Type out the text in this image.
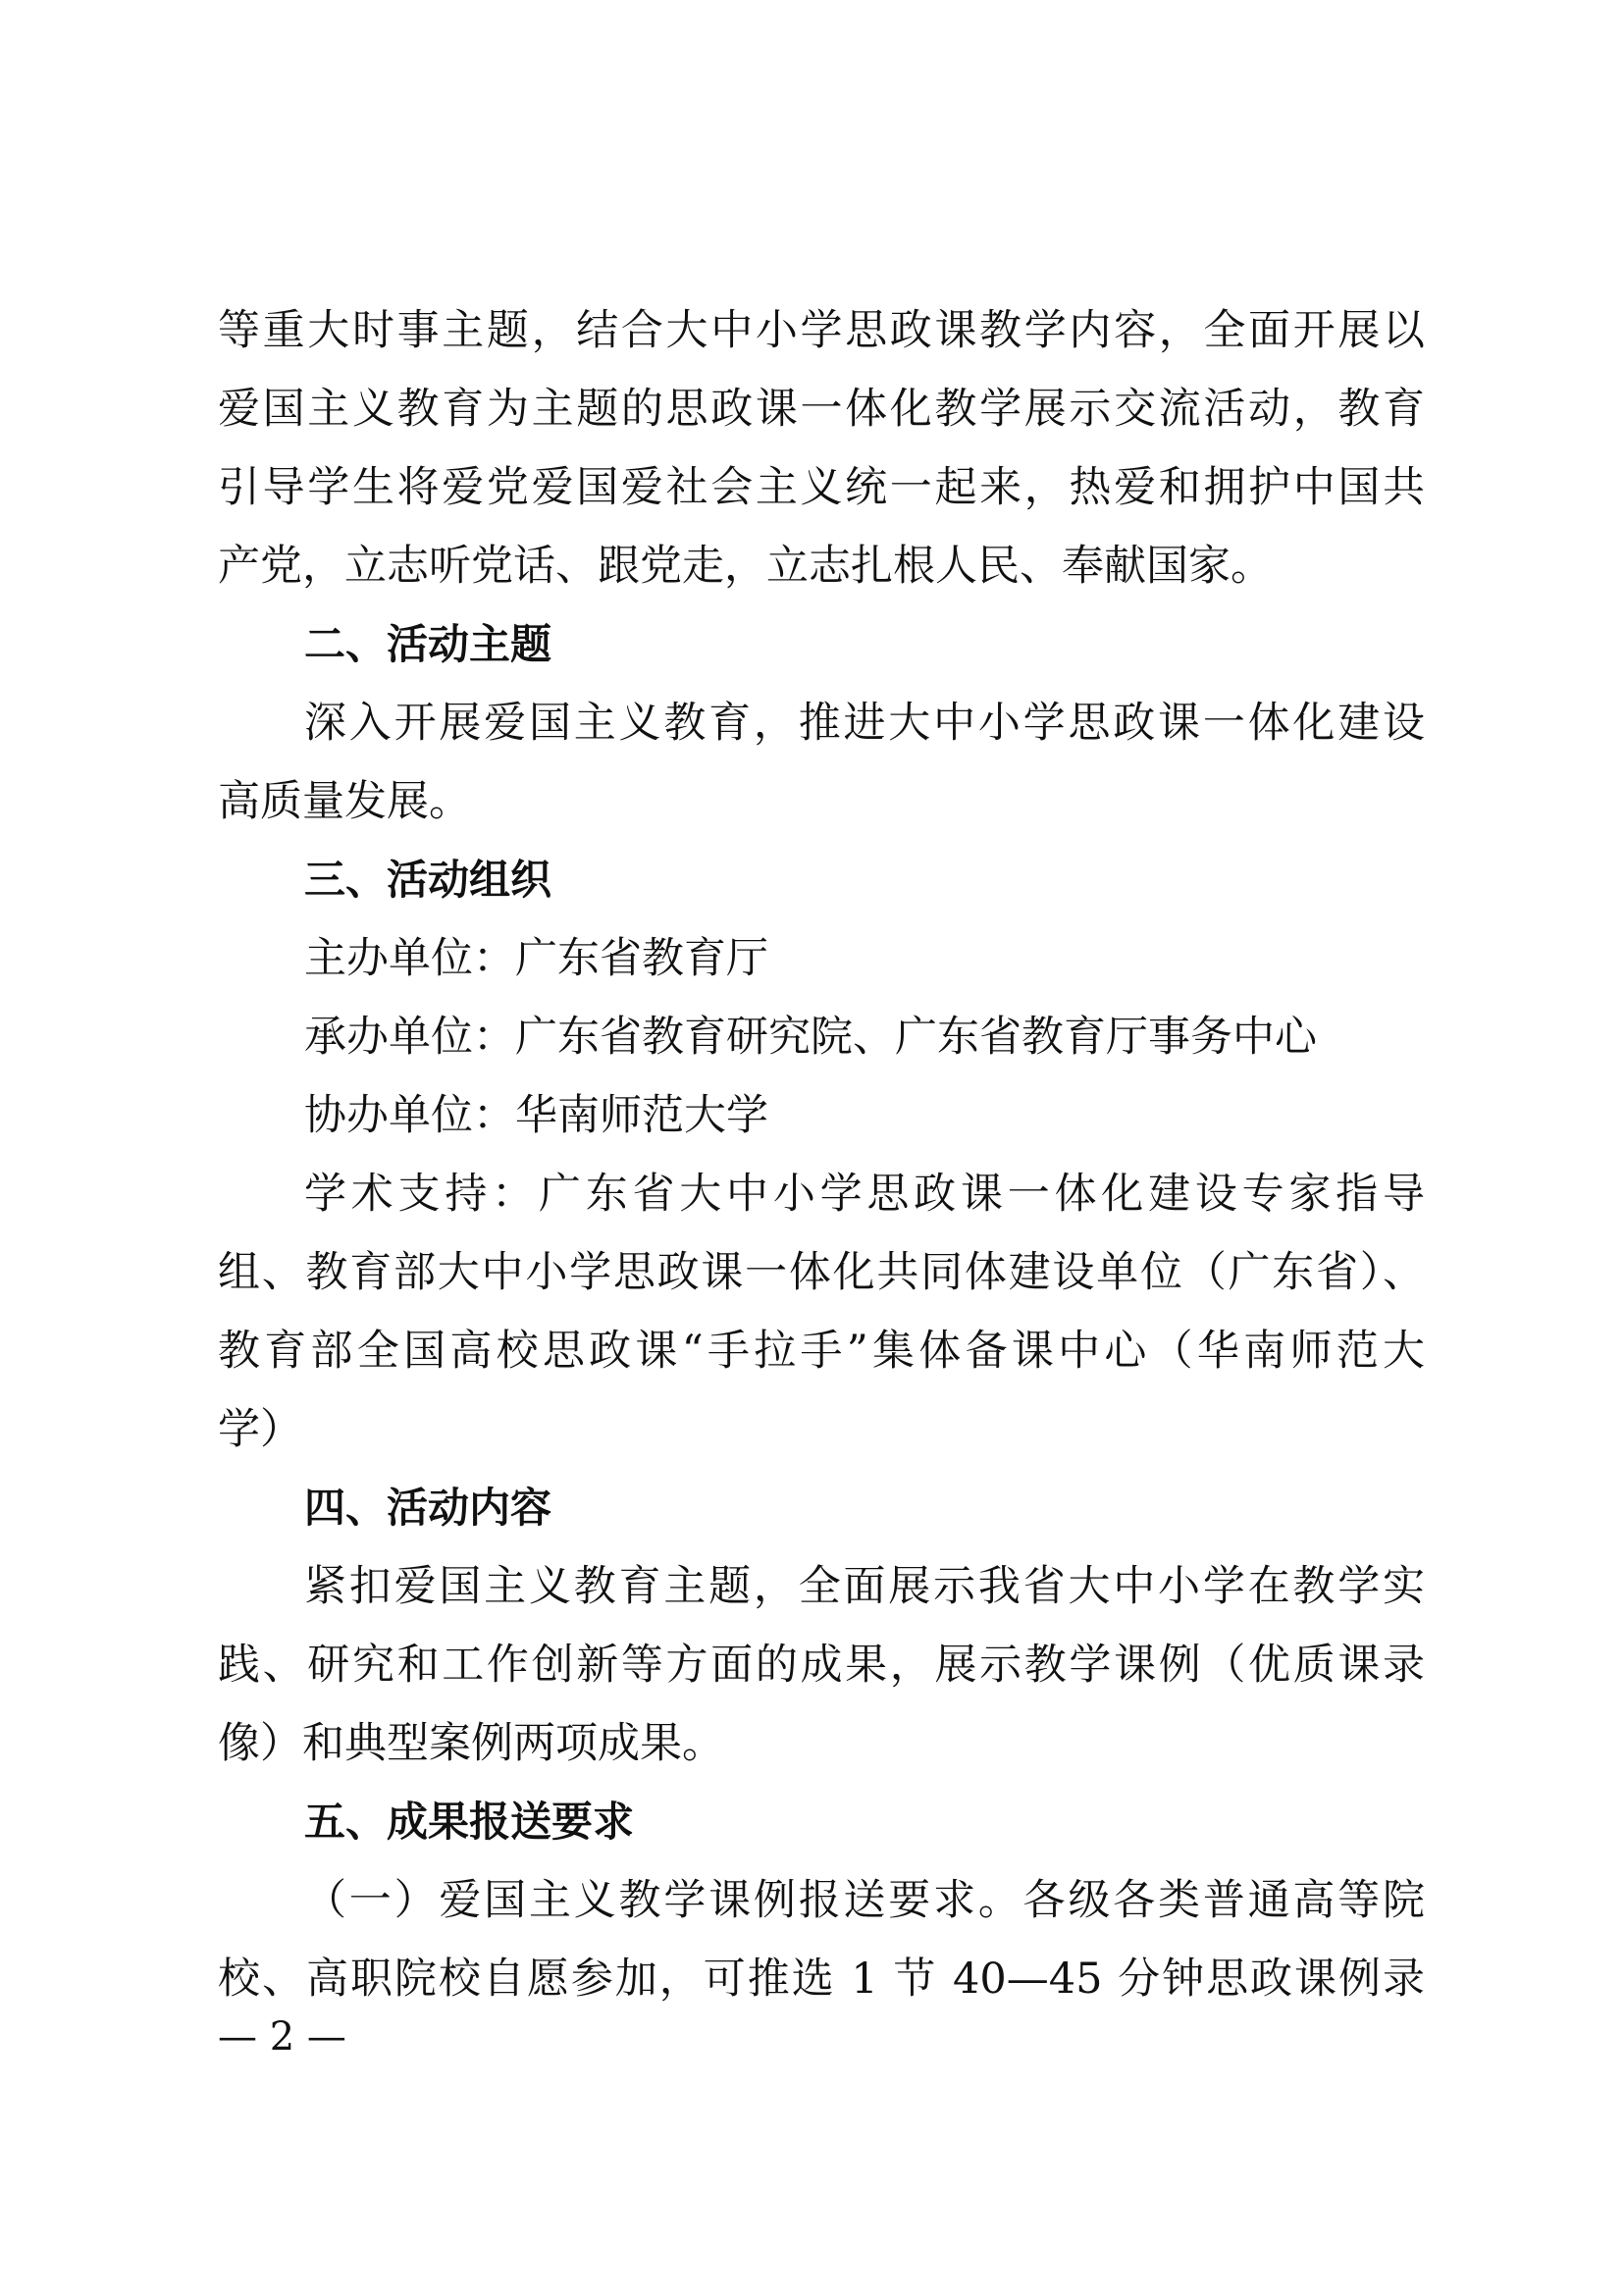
等重大时事主题，结合大中小学思政课教学内容，全面开展以
爱国主义教育为主题的思政课一体化教学展示交流活动，教育
引导学生将爱党爱国爱社会主义统一起来，热爱和拥护中国共
产党，立志听党话、跟党走，立志扎根人民、奉献国家。
二、活动主题
深入开展爱国主义教育，推进大中小学思政课一体化建设
高质量发展。
三、活动组织
主办单位：广东省教育厅
承办单位：广东省教育研究院、广东省教育厅事务中心
协办单位：华南师范大学
学术支持：广东省大中小学思政课一体化建设专家指导
组、教育部大中小学思政课一体化共同体建设单位（广东省）、
教育部全国高校思政课“手拉手”集体备课中心（华南师范大
学）
四、活动内容
紧扣爱国主义教育主题，全面展示我省大中小学在教学实
践、研究和工作创新等方面的成果，展示教学课例（优质课录
像）和典型案例两项成果。
五、成果报送要求
（一）爱国主义教学课例报送要求。各级各类普通高等院
校、高职院校自愿参加，可推选 1 节 40—45 分钟思政课例录
— 2 —
